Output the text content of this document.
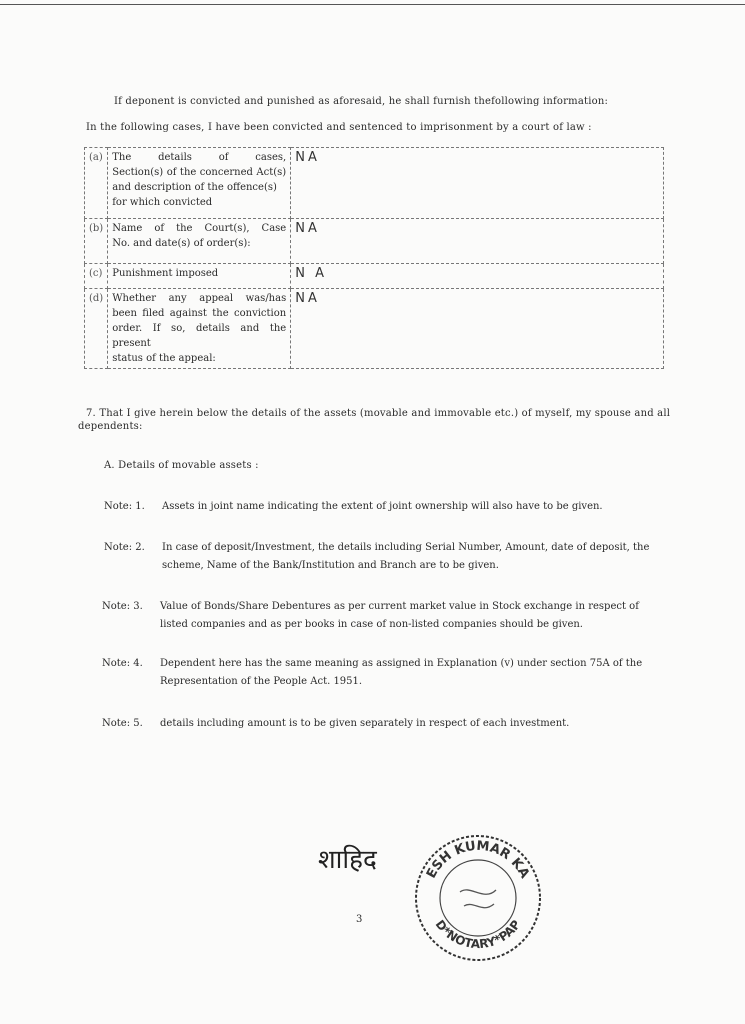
If deponent is convicted and punished as aforesaid, he shall furnish thefollowing information:
In the following cases, I have been convicted and sentenced to imprisonment by a court of law :
(a)	The details of cases,
Section(s) of the concerned Act(s)
and description of the offence(s)
for which convicted	NA
(b)	Name of the Court(s), Case
No. and date(s) of order(s):	NA
(c)	Punishment imposed	N A
(d)	Whether any appeal was/has
been filed against the conviction
order. If so, details and the present
status of the appeal:	NA
7. That I give herein below the details of the assets (movable and immovable etc.) of myself, my spouse and all
dependents:
A. Details of movable assets :
Note: 1. Assets in joint name indicating the extent of joint ownership will also have to be given.
Note: 2. In case of deposit/Investment, the details including Serial Number, Amount, date of deposit, the scheme, Name of the Bank/Institution and Branch are to be given.
Note: 3. Value of Bonds/Share Debentures as per current market value in Stock exchange in respect of listed companies and as per books in case of non-listed companies should be given.
Note: 4. Dependent here has the same meaning as assigned in Explanation (v) under section 75A of the Representation of the People Act. 1951.
Note: 5. details including amount is to be given separately in respect of each investment.
शाहिद
3
ESH KUMAR KA
D*NOTARY*PAP
